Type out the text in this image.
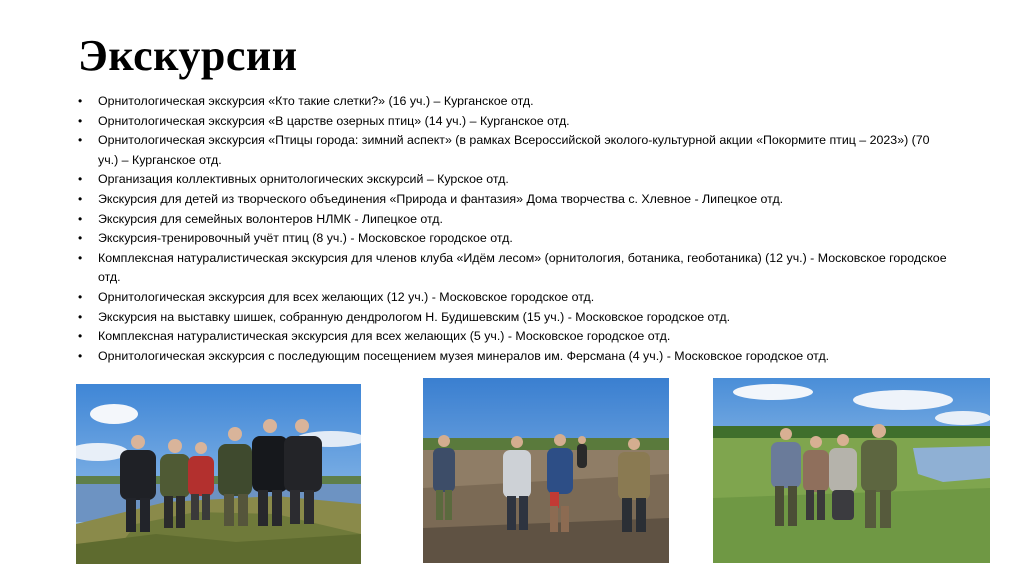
Экскурсии
• Орнитологическая экскурсия «Кто такие слетки?» (16 уч.) – Курганское отд.
• Орнитологическая экскурсия «В царстве озерных птиц» (14 уч.) – Курганское отд.
• Орнитологическая экскурсия «Птицы города: зимний аспект» (в рамках Всероссийской эколого-культурной акции «Покормите птиц – 2023») (70 уч.) – Курганское отд.
• Организация коллективных орнитологических экскурсий – Курское отд.
• Экскурсия для детей из творческого объединения «Природа и фантазия» Дома творчества с. Хлевное - Липецкое отд.
• Экскурсия для семейных волонтеров НЛМК - Липецкое отд.
• Экскурсия-тренировочный учёт птиц (8 уч.) - Московское городское отд.
• Комплексная натуралистическая экскурсия для членов клуба «Идём лесом» (орнитология, ботаника, геоботаника) (12 уч.) - Московское городское отд.
• Орнитологическая экскурсия для всех желающих (12 уч.) - Московское городское отд.
• Экскурсия на выставку шишек, собранную дендрологом Н. Будишевским (15 уч.) - Московское городское отд.
• Комплексная натуралистическая экскурсия для всех желающих (5 уч.) - Московское городское отд.
• Орнитологическая экскурсия с последующим посещением музея минералов им. Ферсмана (4 уч.) - Московское городское отд.
